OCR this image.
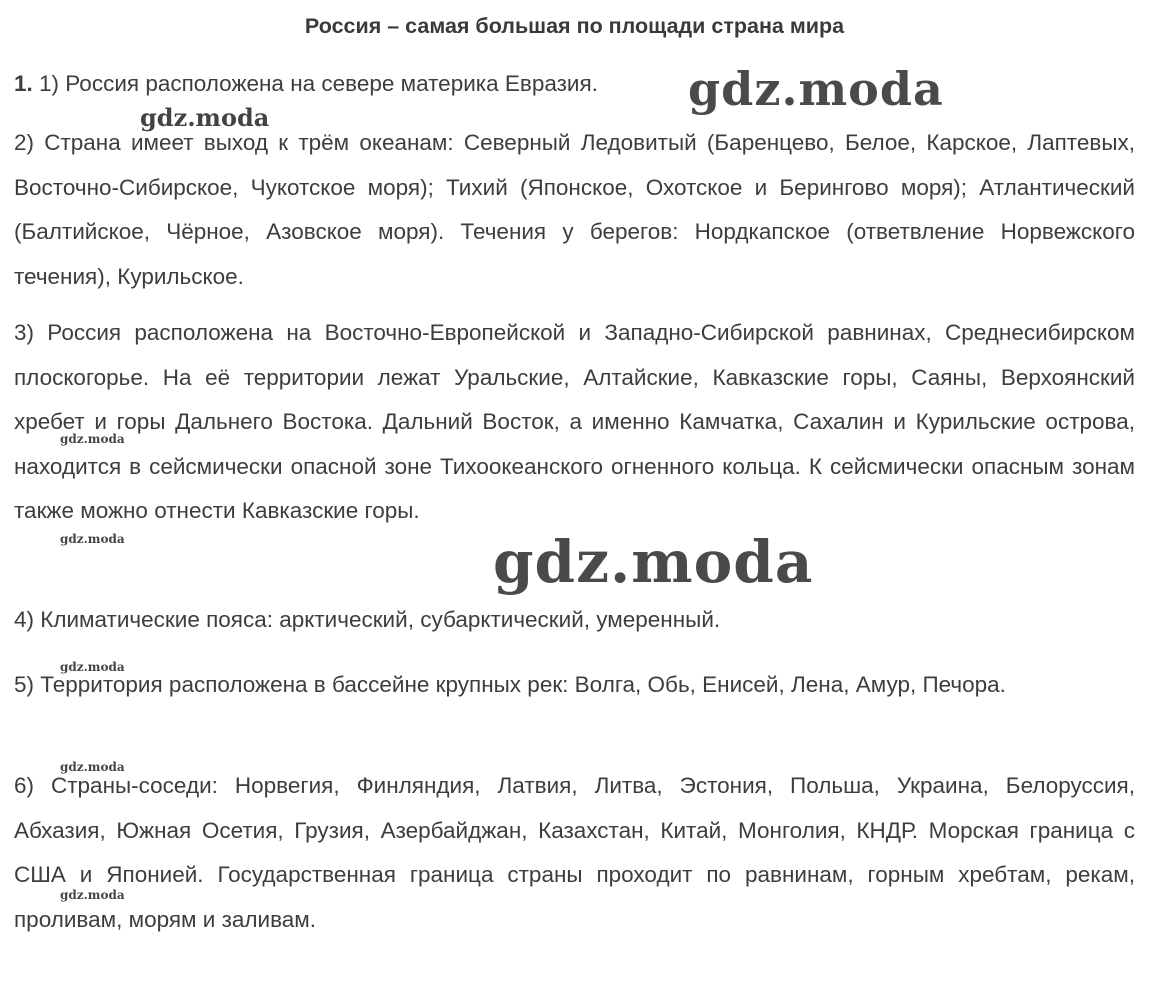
Россия – самая большая по площади страна мира
1. 1) Россия расположена на севере материка Евразия.
2) Страна имеет выход к трём океанам: Северный Ледовитый (Баренцево, Белое, Карское, Лаптевых, Восточно-Сибирское, Чукотское моря); Тихий (Японское, Охотское и Берингово моря); Атлантический (Балтийское, Чёрное, Азовское моря). Течения у берегов: Нордкапское (ответвление Норвежского течения), Курильское.
3) Россия расположена на Восточно-Европейской и Западно-Сибирской равнинах, Среднесибирском плоскогорье. На её территории лежат Уральские, Алтайские, Кавказские горы, Саяны, Верхоянский хребет и горы Дальнего Востока. Дальний Восток, а именно Камчатка, Сахалин и Курильские острова, находится в сейсмически опасной зоне Тихоокеанского огненного кольца. К сейсмически опасным зонам также можно отнести Кавказские горы.
4) Климатические пояса: арктический, субарктический, умеренный.
5) Территория расположена в бассейне крупных рек: Волга, Обь, Енисей, Лена, Амур, Печора.
6) Страны-соседи: Норвегия, Финляндия, Латвия, Литва, Эстония, Польша, Украина, Белоруссия, Абхазия, Южная Осетия, Грузия, Азербайджан, Казахстан, Китай, Монголия, КНДР. Морская граница с США и Японией. Государственная граница страны проходит по равнинам, горным хребтам, рекам, проливам, морям и заливам.
gdz.moda
gdz.moda
gdz.moda
gdz.moda	gdz.moda
gdz.moda
gdz.moda
gdz.moda
